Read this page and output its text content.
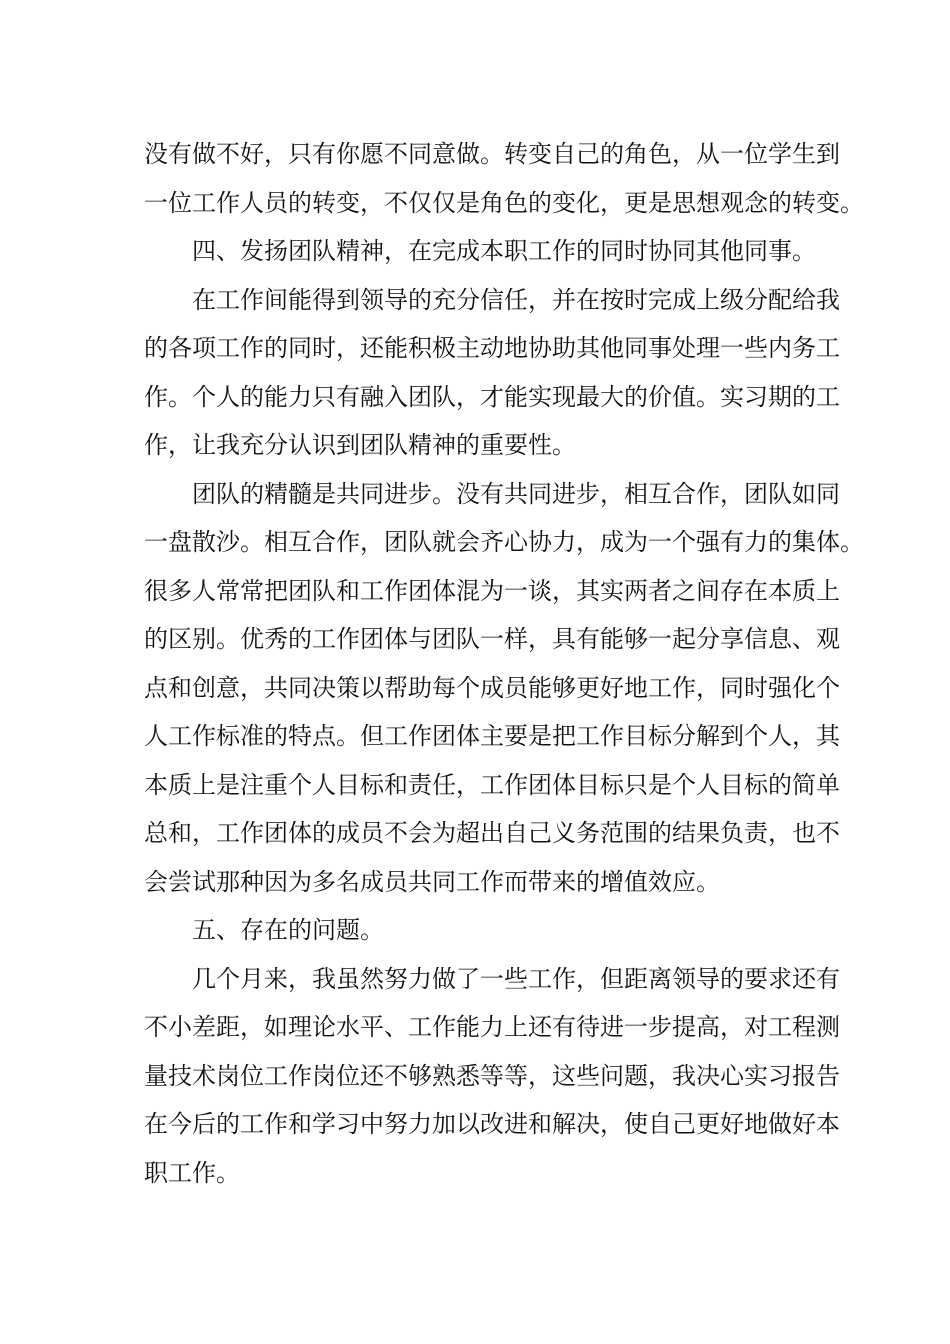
没有做不好，只有你愿不同意做。转变自己的角色，从一位学生到
一位工作人员的转变，不仅仅是角色的变化，更是思想观念的转变。
四、发扬团队精神，在完成本职工作的同时协同其他同事。
在工作间能得到领导的充分信任，并在按时完成上级分配给我
的各项工作的同时，还能积极主动地协助其他同事处理一些内务工
作。个人的能力只有融入团队，才能实现最大的价值。实习期的工
作，让我充分认识到团队精神的重要性。
团队的精髓是共同进步。没有共同进步，相互合作，团队如同
一盘散沙。相互合作，团队就会齐心协力，成为一个强有力的集体。
很多人常常把团队和工作团体混为一谈，其实两者之间存在本质上
的区别。优秀的工作团体与团队一样，具有能够一起分享信息、观
点和创意，共同决策以帮助每个成员能够更好地工作，同时强化个
人工作标准的特点。但工作团体主要是把工作目标分解到个人，其
本质上是注重个人目标和责任，工作团体目标只是个人目标的简单
总和，工作团体的成员不会为超出自己义务范围的结果负责，也不
会尝试那种因为多名成员共同工作而带来的增值效应。
五、存在的问题。
几个月来，我虽然努力做了一些工作，但距离领导的要求还有
不小差距，如理论水平、工作能力上还有待进一步提高，对工程测
量技术岗位工作岗位还不够熟悉等等，这些问题，我决心实习报告
在今后的工作和学习中努力加以改进和解决，使自己更好地做好本
职工作。
